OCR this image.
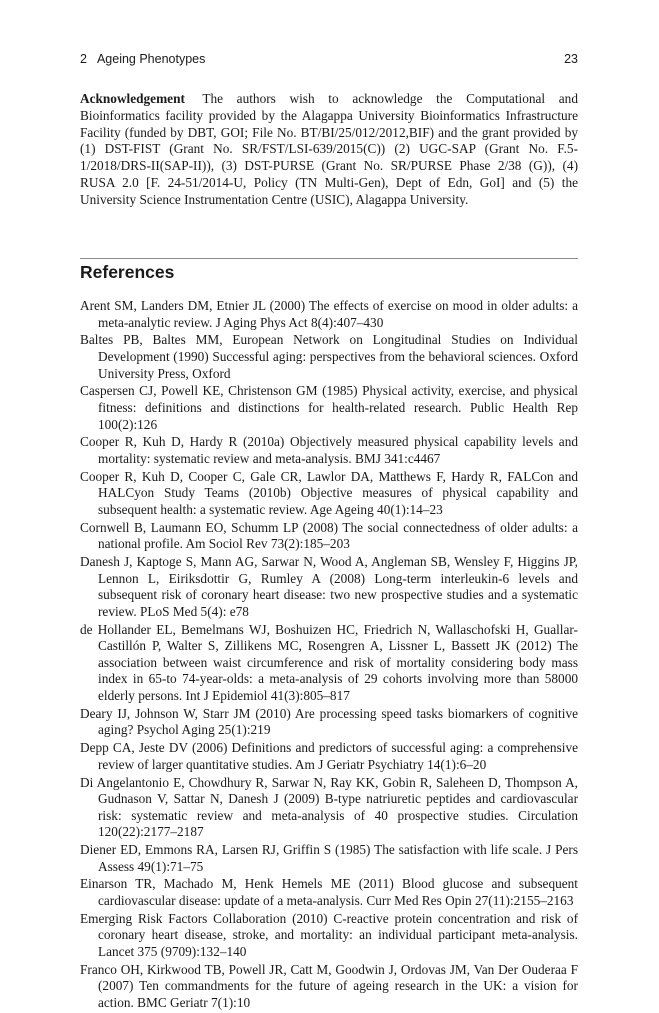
2 Ageing Phenotypes	23
Acknowledgement The authors wish to acknowledge the Computational and Bioinformatics facility provided by the Alagappa University Bioinformatics Infrastructure Facility (funded by DBT, GOI; File No. BT/BI/25/012/2012,BIF) and the grant provided by (1) DST-FIST (Grant No. SR/FST/LSI-639/2015(C)) (2) UGC-SAP (Grant No. F.5-1/2018/DRS-II(SAP-II)), (3) DST-PURSE (Grant No. SR/PURSE Phase 2/38 (G)), (4) RUSA 2.0 [F. 24-51/2014-U, Policy (TN Multi-Gen), Dept of Edn, GoI] and (5) the University Science Instrumentation Centre (USIC), Alagappa University.
References
Arent SM, Landers DM, Etnier JL (2000) The effects of exercise on mood in older adults: a meta-analytic review. J Aging Phys Act 8(4):407–430
Baltes PB, Baltes MM, European Network on Longitudinal Studies on Individual Development (1990) Successful aging: perspectives from the behavioral sciences. Oxford University Press, Oxford
Caspersen CJ, Powell KE, Christenson GM (1985) Physical activity, exercise, and physical fitness: definitions and distinctions for health-related research. Public Health Rep 100(2):126
Cooper R, Kuh D, Hardy R (2010a) Objectively measured physical capability levels and mortality: systematic review and meta-analysis. BMJ 341:c4467
Cooper R, Kuh D, Cooper C, Gale CR, Lawlor DA, Matthews F, Hardy R, FALCon and HALCyon Study Teams (2010b) Objective measures of physical capability and subsequent health: a systematic review. Age Ageing 40(1):14–23
Cornwell B, Laumann EO, Schumm LP (2008) The social connectedness of older adults: a national profile. Am Sociol Rev 73(2):185–203
Danesh J, Kaptoge S, Mann AG, Sarwar N, Wood A, Angleman SB, Wensley F, Higgins JP, Lennon L, Eiriksdottir G, Rumley A (2008) Long-term interleukin-6 levels and subsequent risk of coronary heart disease: two new prospective studies and a systematic review. PLoS Med 5(4): e78
de Hollander EL, Bemelmans WJ, Boshuizen HC, Friedrich N, Wallaschofski H, Guallar-Castillón P, Walter S, Zillikens MC, Rosengren A, Lissner L, Bassett JK (2012) The association between waist circumference and risk of mortality considering body mass index in 65-to 74-year-olds: a meta-analysis of 29 cohorts involving more than 58000 elderly persons. Int J Epidemiol 41(3):805–817
Deary IJ, Johnson W, Starr JM (2010) Are processing speed tasks biomarkers of cognitive aging? Psychol Aging 25(1):219
Depp CA, Jeste DV (2006) Definitions and predictors of successful aging: a comprehensive review of larger quantitative studies. Am J Geriatr Psychiatry 14(1):6–20
Di Angelantonio E, Chowdhury R, Sarwar N, Ray KK, Gobin R, Saleheen D, Thompson A, Gudnason V, Sattar N, Danesh J (2009) B-type natriuretic peptides and cardiovascular risk: systematic review and meta-analysis of 40 prospective studies. Circulation 120(22):2177–2187
Diener ED, Emmons RA, Larsen RJ, Griffin S (1985) The satisfaction with life scale. J Pers Assess 49(1):71–75
Einarson TR, Machado M, Henk Hemels ME (2011) Blood glucose and subsequent cardiovascular disease: update of a meta-analysis. Curr Med Res Opin 27(11):2155–2163
Emerging Risk Factors Collaboration (2010) C-reactive protein concentration and risk of coronary heart disease, stroke, and mortality: an individual participant meta-analysis. Lancet 375 (9709):132–140
Franco OH, Kirkwood TB, Powell JR, Catt M, Goodwin J, Ordovas JM, Van Der Ouderaa F (2007) Ten commandments for the future of ageing research in the UK: a vision for action. BMC Geriatr 7(1):10
